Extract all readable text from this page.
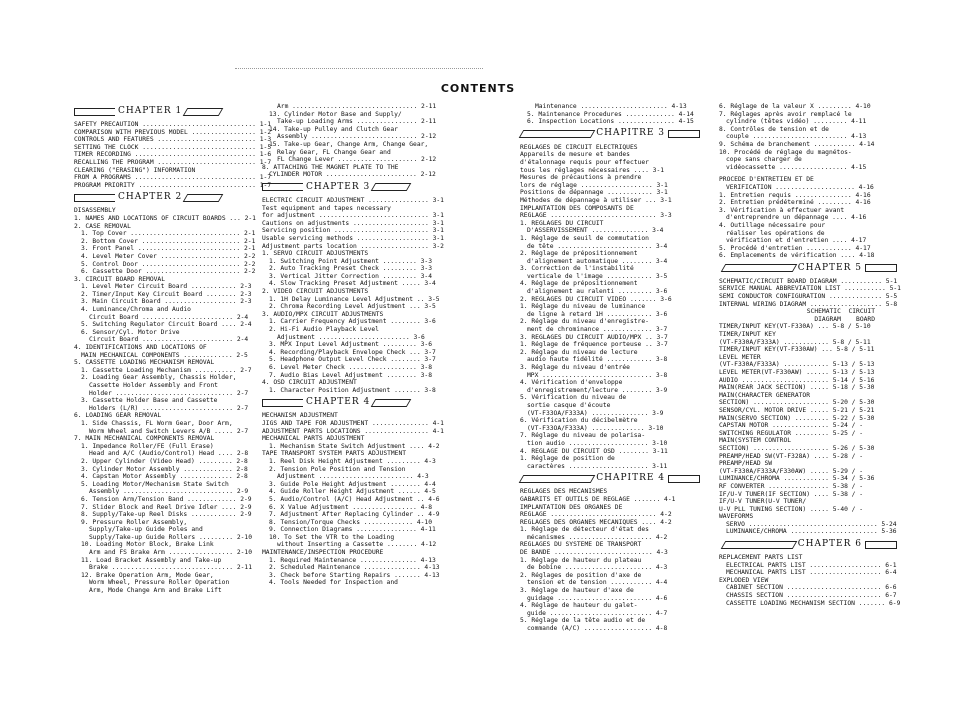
CONTENTS
CHAPTER 1
SAFETY PRECAUTION .............................. 1-1
COMPARISON WITH PREVIOUS MODEL ................. 1-2
CONTROLS AND FEATURES .......................... 1-3
SETTING THE CLOCK .............................. 1-5
TIMER RECORDING ................................ 1-6
RECALLING THE PROGRAM .......................... 1-7
CLEARING ("ERASING") INFORMATION
FROM A PROGRAMS ................................ 1-7
PROGRAM PRIORITY ............................... 1-7
CHAPTER 2
DISASSEMBLY
1. NAMES AND LOCATIONS OF CIRCUIT BOARDS ... 2-1
2. CASE REMOVAL
1. Top Cover ............................. 2-1
2. Bottom Cover .......................... 2-1
3. Front Panel ........................... 2-1
4. Level Meter Cover ..................... 2-2
5. Control Door .......................... 2-2
6. Cassette Door ......................... 2-2
3. CIRCUIT BOARD REMOVAL
1. Level Meter Circuit Board ............ 2-3
2. Timer/Input Key Circuit Board ........ 2-3
3. Main Circuit Board ................... 2-3
4. Luminance/Chroma and Audio
Circuit Board ........................ 2-4
5. Switching Regulator Circuit Board .... 2-4
6. Sensor/Cyl. Motor Drive
Circuit Board ........................ 2-4
4. IDENTIFICATIONS AND LOCATIONS OF
MAIN MECHANICAL COMPONENTS ............. 2-5
5. CASSETTE LOADING MECHANISM REMOVAL
1. Cassette Loading Mechanism ........... 2-7
2. Loading Gear Assembly, Chassis Holder,
Cassette Holder Assembly and Front
Holder ............................... 2-7
3. Cassette Holder Base and Cassette
Holders (L/R) ........................ 2-7
6. LOADING GEAR REMOVAL
1. Side Chassis, FL Worm Gear, Door Arm,
Worm Wheel and Switch Levers A/B ..... 2-7
7. MAIN MECHANICAL COMPONENTS REMOVAL
1. Impedance Roller/FE (Full Erase)
Head and A/C (Audio/Control) Head .... 2-8
2. Upper Cylinder (Video Head) ......... 2-8
3. Cylinder Motor Assembly ............. 2-8
4. Capstan Motor Assembly .............. 2-8
5. Loading Motor/Mechanism State Switch
Assembly ............................. 2-9
6. Tension Arm/Tension Band ............. 2-9
7. Slider Block and Reel Drive Idler .... 2-9
8. Supply/Take-up Reel Disks ............ 2-9
9. Pressure Roller Assembly,
Supply/Take-up Guide Poles and
Supply/Take-up Guide Rollers ......... 2-10
10. Loading Motor Block, Brake Link
Arm and FS Brake Arm ................. 2-10
11. Load Bracket Assembly and Take-up
Brake ................................ 2-11
12. Brake Operation Arm, Mode Gear,
Worm Wheel, Pressure Roller Operation
Arm, Mode Change Arm and Brake Lift
Arm ................................. 2-11
13. Cylinder Motor Base and Supply/
Take-up Loading Arms ................ 2-11
14. Take-up Pulley and Clutch Gear
Assembly ............................ 2-12
15. Take-up Gear, Change Arm, Change Gear,
Relay Gear, FL Change Gear and
FL Change Lever ..................... 2-12
8. ATTACHING THE MAGNET PLATE TO THE
CYLINDER MOTOR ........................ 2-12
CHAPTER 3
ELECTRIC CIRCUIT ADJUSTMENT ................ 3-1
Test equipment and tapes necessary
for adjustment ............................. 3-1
Cautions on adjustments .................... 3-1
Servicing position ......................... 3-1
Usable servicing methods ................... 3-1
Adjustment parts location .................. 3-2
1. SERVO CIRCUIT ADJUSTMENTS
1. Switching Point Adjustment ......... 3-3
2. Auto Tracking Preset Check ......... 3-3
3. Vertical Jitter Correction ......... 3-4
4. Slow Tracking Preset Adjustment ..... 3-4
2. VIDEO CIRCUIT ADJUSTMENTS
1. 1H Delay Luminance Level Adjustment .. 3-5
2. Chroma Recording Level Adjustment ... 3-5
3. AUDIO/MPX CIRCUIT ADJUSTMENTS
1. Carrier Frequency Adjustment ........ 3-6
2. Hi-Fi Audio Playback Level
Adjustment ........................ 3-6
3. MPX Input Level Adjustment ......... 3-6
4. Recording/Playback Envelope Check ... 3-7
5. Headphone Output Level Check ........ 3-7
6. Level Meter Check .................. 3-8
7. Audio Bias Level Adjustment ........ 3-8
4. OSD CIRCUIT ADJUSTMENT
1. Character Position Adjustment ....... 3-8
CHAPTER 4
MECHANISM ADJUSTMENT
JIGS AND TAPE FOR ADJUSTMENT ............... 4-1
ADJUSTMENT PARTS LOCATIONS ................. 4-1
MECHANICAL PARTS ADJUSTMENT
1. Mechanism State Switch Adjustment .... 4-2
TAPE TRANSPORT SYSTEM PARTS ADJUSTMENT
1. Reel Disk Height Adjustment ......... 4-3
2. Tension Pole Position and Tension
Adjustment ......................... 4-3
3. Guide Pole Height Adjustment ........ 4-4
4. Guide Roller Height Adjustment ...... 4-5
5. Audio/Control (A/C) Head Adjustment .. 4-6
6. X Value Adjustment ................. 4-8
7. Adjustment After Replacing Cylinder .. 4-9
8. Tension/Torque Checks ............. 4-10
9. Connection Diagrams ................ 4-11
10. To Set the VTR to the Loading
without Inserting a Cassette ........ 4-12
MAINTENANCE/INSPECTION PROCEDURE
1. Required Maintenance ............... 4-13
2. Scheduled Maintenance ............... 4-13
3. Check before Starting Repairs ....... 4-13
4. Tools Needed for Inspection and
Maintenance ....................... 4-13
5. Maintenance Procedures ............. 4-14
6. Inspection Locations ............... 4-15
CHAPITRE 3
REGLAGES DE CIRCUIT ELECTRIQUES
Appareils de mesure et bandes
d'étalonnage requis pour effectuer
tous les réglages nécessaires .... 3-1
Mesures de précautions à prendre
lors de réglage ................... 3-1
Positions de dépannage ............ 3-1
Méthodes de dépannage à utiliser ... 3-1
IMPLANTATION DES COMPOSANTS DE
REGLAGE ............................ 3-3
1. REGLAGES DU CIRCUIT
D'ASSERVISSEMENT ............... 3-4
1. Réglage de seuil de commutation
de tête ......................... 3-4
2. Réglage de prépositionnement
d'alignement automatique ........ 3-4
3. Correction de l'instabilité
verticale de l'image ............ 3-5
4. Réglage de prépositionnement
d'alignement au ralenti ......... 3-6
2. REGLAGES DU CIRCUIT VIDEO ....... 3-6
1. Réglage du niveau de luminance
de ligne à retard 1H ............ 3-6
2. Réglage du niveau d'enregistre-
ment de chrominance ............. 3-7
3. REGLAGES DU CIRCUIT AUDIO/MPX .. 3-7
1. Réglage de fréquence porteuse .. 3-7
2. Réglage du niveau de lecture
audio haute fidélité ............ 3-8
3. Réglage du niveau d'entrée
MPX ............................. 3-8
4. Vérification d'enveloppe
d'enregistrement/lecture ........ 3-9
5. Vérification du niveau de
sortie casque d'écoute
(VT-F33OA/F333A) ............... 3-9
6. Vérification du décibelmètre
(VT-F33OA/F333A) .............. 3-10
7. Réglage du niveau de polarisa-
tion audio ..................... 3-10
4. REGLAGE DU CIRCUIT OSD ........ 3-11
1. Réglage de position de
caractères ..................... 3-11
CHAPITRE 4
REGLAGES DES MECANISMES
GABARITS ET OUTILS DE REGLAGE ....... 4-1
IMPLANTATION DES ORGANES DE
REGLAGE ............................ 4-2
REGLAGES DES ORGANES MECANIQUES .... 4-2
1. Réglage de détecteur d'état des
mécanismes ...................... 4-2
REGLAGES DU SYSTEME DE TRANSPORT
DE BANDE .......................... 4-3
1. Réglage de hauteur du plateau
de bobine ....................... 4-3
2. Réglages de position d'axe de
tension et de tension ........... 4-4
3. Réglage de hauteur d'axe de
guidage ......................... 4-6
4. Réglage de hauteur du galet-
guide ........................... 4-7
5. Réglage de la tête audio et de
commande (A/C) .................. 4-8
6. Réglage de la valeur X ......... 4-10
7. Réglages après avoir remplacé le
cylindre (têtes vidéo) ......... 4-11
8. Contrôles de tension et de
couple ......................... 4-13
9. Schéma de branchement ........... 4-14
10. Procédé de réglage du magnétos-
cope sans charger de
vidéocassette .................. 4-15
PROCEDE D'ENTRETIEN ET DE
VERIFICATION ..................... 4-16
1. Entretien requis ............... 4-16
2. Entretien prédéterminé ......... 4-16
3. Vérification à effectuer avant
d'entreprendre un dépannage .... 4-16
4. Outillage nécessaire pour
réaliser les opérations de
vérification et d'entretien .... 4-17
5. Procédé d'entretien ............ 4-17
6. Emplacements de vérification .... 4-18
CHAPTER 5
SCHEMATIC/CIRCUIT BOARD DIAGRAM ........... 5-1
SERVICE MANUAL ABBREVIATION LIST ........... 5-1
SEMI CONDUCTOR CONFIGURATION .............. 5-5
INTERNAL WIRING DIAGRAM ................... 5-8
SCHEMATIC  CIRCUIT
DIAGRAM    BOARD
TIMER/INPUT KEY(VT-F330A) ... 5-8 / 5-10
TIMER/INPUT KEY
(VT-F330A/F333A) ............ 5-8 / 5-11
TIMER/INPUT KEY(VT-F330AW) ... 5-8 / 5-11
LEVEL METER
(VT-F330A/F333A) ............ 5-13 / 5-13
LEVEL METER(VT-F330AW) ...... 5-13 / 5-13
AUDIO ....................... 5-14 / 5-16
MAIN(REAR JACK SECTION) ..... 5-18 / 5-30
MAIN(CHARACTER GENERATOR
SECTION) .................... 5-20 / 5-30
SENSOR/CYL. MOTOR DRIVE ..... 5-21 / 5-21
MAIN(SERVO SECTION) ......... 5-22 / 5-30
CAPSTAN MOTOR ............... 5-24 / -
SWITCHING REGULATOR ......... 5-25 / -
MAIN(SYSTEM CONTROL
SECTION) .................... 5-26 / 5-30
PREAMP/HEAD SW(VT-F328A) .... 5-28 / -
PREAMP/HEAD SW
(VT-F330A/F333A/F330AW) ..... 5-29 / -
LUMINANCE/CHROMA ............ 5-34 / 5-36
RF CONVERTER ................ 5-38 / -
IF/U-V TUNER(IF SECTION) .... 5-38 / -
IF/U-V TUNER(U-V TUNER/
U-V PLL TUNING SECTION) ..... 5-40 / -
WAVEFORMS
SERVO .................................. 5-24
LUMINANCE/CHROMA ....................... 5-36
CHAPTER 6
REPLACEMENT PARTS LIST
ELECTRICAL PARTS LIST ................... 6-1
MECHANICAL PARTS LIST ................... 6-4
EXPLODED VIEW
CABINET SECTION ......................... 6-6
CHASSIS SECTION ......................... 6-7
CASSETTE LOADING MECHANISM SECTION ....... 6-9
